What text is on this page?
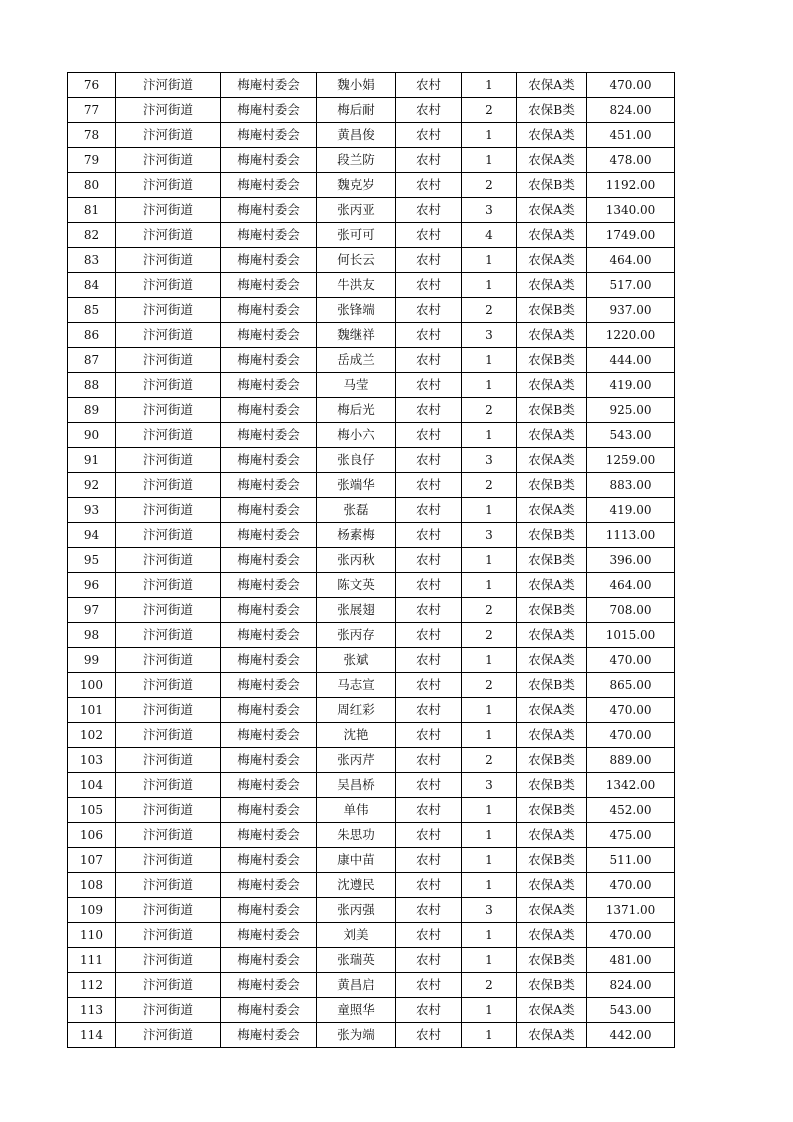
76	汴河街道	梅庵村委会	魏小娟	农村	1	农保A类	470.00
77	汴河街道	梅庵村委会	梅后耐	农村	2	农保B类	824.00
78	汴河街道	梅庵村委会	黄昌俊	农村	1	农保A类	451.00
79	汴河街道	梅庵村委会	段兰防	农村	1	农保A类	478.00
80	汴河街道	梅庵村委会	魏克岁	农村	2	农保B类	1192.00
81	汴河街道	梅庵村委会	张丙亚	农村	3	农保A类	1340.00
82	汴河街道	梅庵村委会	张可可	农村	4	农保A类	1749.00
83	汴河街道	梅庵村委会	何长云	农村	1	农保A类	464.00
84	汴河街道	梅庵村委会	牛洪友	农村	1	农保A类	517.00
85	汴河街道	梅庵村委会	张锋端	农村	2	农保B类	937.00
86	汴河街道	梅庵村委会	魏继祥	农村	3	农保A类	1220.00
87	汴河街道	梅庵村委会	岳成兰	农村	1	农保B类	444.00
88	汴河街道	梅庵村委会	马莹	农村	1	农保A类	419.00
89	汴河街道	梅庵村委会	梅后光	农村	2	农保B类	925.00
90	汴河街道	梅庵村委会	梅小六	农村	1	农保A类	543.00
91	汴河街道	梅庵村委会	张良仔	农村	3	农保A类	1259.00
92	汴河街道	梅庵村委会	张端华	农村	2	农保B类	883.00
93	汴河街道	梅庵村委会	张磊	农村	1	农保A类	419.00
94	汴河街道	梅庵村委会	杨素梅	农村	3	农保B类	1113.00
95	汴河街道	梅庵村委会	张丙秋	农村	1	农保B类	396.00
96	汴河街道	梅庵村委会	陈文英	农村	1	农保A类	464.00
97	汴河街道	梅庵村委会	张展翅	农村	2	农保B类	708.00
98	汴河街道	梅庵村委会	张丙存	农村	2	农保A类	1015.00
99	汴河街道	梅庵村委会	张斌	农村	1	农保A类	470.00
100	汴河街道	梅庵村委会	马志宣	农村	2	农保B类	865.00
101	汴河街道	梅庵村委会	周红彩	农村	1	农保A类	470.00
102	汴河街道	梅庵村委会	沈艳	农村	1	农保A类	470.00
103	汴河街道	梅庵村委会	张丙芹	农村	2	农保B类	889.00
104	汴河街道	梅庵村委会	吴昌桥	农村	3	农保B类	1342.00
105	汴河街道	梅庵村委会	单伟	农村	1	农保B类	452.00
106	汴河街道	梅庵村委会	朱思功	农村	1	农保A类	475.00
107	汴河街道	梅庵村委会	康中苗	农村	1	农保B类	511.00
108	汴河街道	梅庵村委会	沈遵民	农村	1	农保A类	470.00
109	汴河街道	梅庵村委会	张丙强	农村	3	农保A类	1371.00
110	汴河街道	梅庵村委会	刘美	农村	1	农保A类	470.00
111	汴河街道	梅庵村委会	张瑞英	农村	1	农保B类	481.00
112	汴河街道	梅庵村委会	黄昌启	农村	2	农保B类	824.00
113	汴河街道	梅庵村委会	童照华	农村	1	农保A类	543.00
114	汴河街道	梅庵村委会	张为端	农村	1	农保A类	442.00
